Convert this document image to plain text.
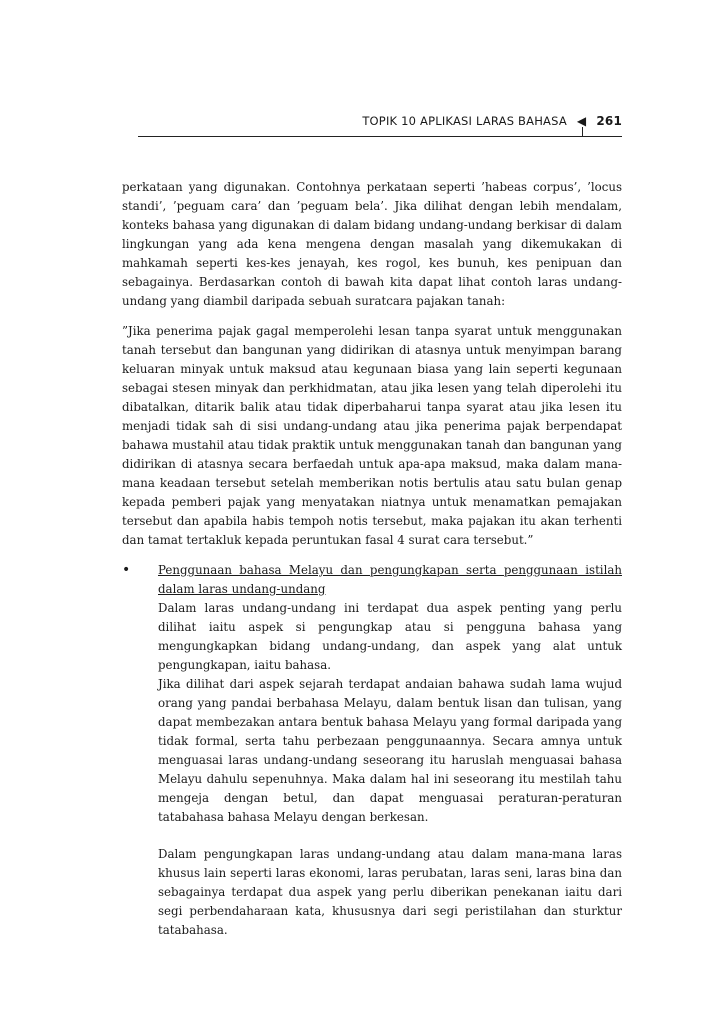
TOPIK 10 APLIKASI LARAS BAHASA ◀ 261

perkataan yang digunakan. Contohnya perkataan seperti ’habeas corpus’, ’locus standi’, ’peguam cara’ dan ’peguam bela’. Jika dilihat dengan lebih mendalam, konteks bahasa yang digunakan di dalam bidang undang-undang berkisar di dalam lingkungan yang ada kena mengena dengan masalah yang dikemukakan di mahkamah seperti kes-kes jenayah, kes rogol, kes bunuh, kes penipuan dan sebagainya. Berdasarkan contoh di bawah kita dapat lihat contoh laras undang-undang yang diambil daripada sebuah suratcara pajakan tanah:

”Jika penerima pajak gagal memperolehi lesan tanpa syarat untuk menggunakan tanah tersebut dan bangunan yang didirikan di atasnya untuk menyimpan barang keluaran minyak untuk maksud atau kegunaan biasa yang lain seperti kegunaan sebagai stesen minyak dan perkhidmatan, atau jika lesen yang telah diperolehi itu dibatalkan, ditarik balik atau tidak diperbaharui tanpa syarat atau jika lesen itu menjadi tidak sah di sisi undang-undang atau jika penerima pajak berpendapat bahawa mustahil atau tidak praktik untuk menggunakan tanah dan bangunan yang didirikan di atasnya secara berfaedah untuk apa-apa maksud, maka dalam mana-mana keadaan tersebut setelah memberikan notis bertulis atau satu bulan genap kepada pemberi pajak yang menyatakan niatnya untuk menamatkan pemajakan tersebut dan apabila habis tempoh notis tersebut, maka pajakan itu akan terhenti dan tamat tertakluk kepada peruntukan fasal 4 surat cara tersebut.”

• Penggunaan bahasa Melayu dan pengungkapan serta penggunaan istilah dalam laras undang-undang

Dalam laras undang-undang ini terdapat dua aspek penting yang perlu dilihat iaitu aspek si pengungkap atau si pengguna bahasa yang mengungkapkan bidang undang-undang, dan aspek yang alat untuk pengungkapan, iaitu bahasa.

Jika dilihat dari aspek sejarah terdapat andaian bahawa sudah lama wujud orang yang pandai berbahasa Melayu, dalam bentuk lisan dan tulisan, yang dapat membezakan antara bentuk bahasa Melayu yang formal daripada yang tidak formal, serta tahu perbezaan penggunaannya. Secara amnya untuk menguasai laras undang-undang seseorang itu haruslah menguasai bahasa Melayu dahulu sepenuhnya. Maka dalam hal ini seseorang itu mestilah tahu mengeja dengan betul, dan dapat menguasai peraturan-peraturan tatabahasa bahasa Melayu dengan berkesan.

Dalam pengungkapan laras undang-undang atau dalam mana-mana laras khusus lain seperti laras ekonomi, laras perubatan, laras seni, laras bina dan sebagainya terdapat dua aspek yang perlu diberikan penekanan iaitu dari segi perbendaharaan kata, khususnya dari segi peristilahan dan sturktur tatabahasa.
